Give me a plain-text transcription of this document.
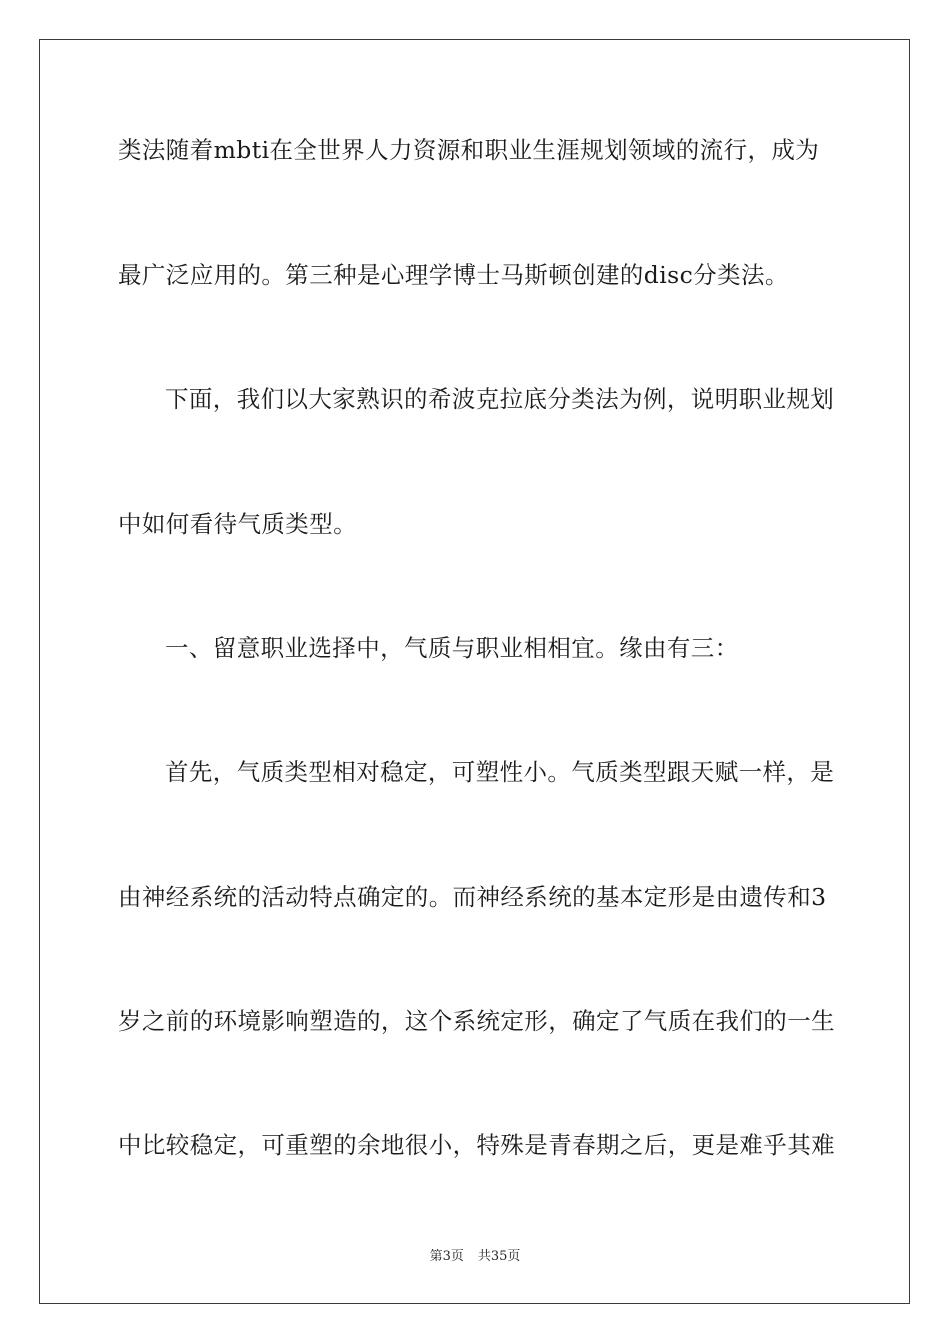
类法随着mbti在全世界人力资源和职业生涯规划领域的流行，成为
最广泛应用的。第三种是心理学博士马斯顿创建的disc分类法。
下面，我们以大家熟识的希波克拉底分类法为例，说明职业规划
中如何看待气质类型。
一、留意职业选择中，气质与职业相相宜。缘由有三：
首先，气质类型相对稳定，可塑性小。气质类型跟天赋一样，是
由神经系统的活动特点确定的。而神经系统的基本定形是由遗传和3
岁之前的环境影响塑造的，这个系统定形，确定了气质在我们的一生
中比较稳定，可重塑的余地很小，特殊是青春期之后，更是难乎其难
第3页 共35页
